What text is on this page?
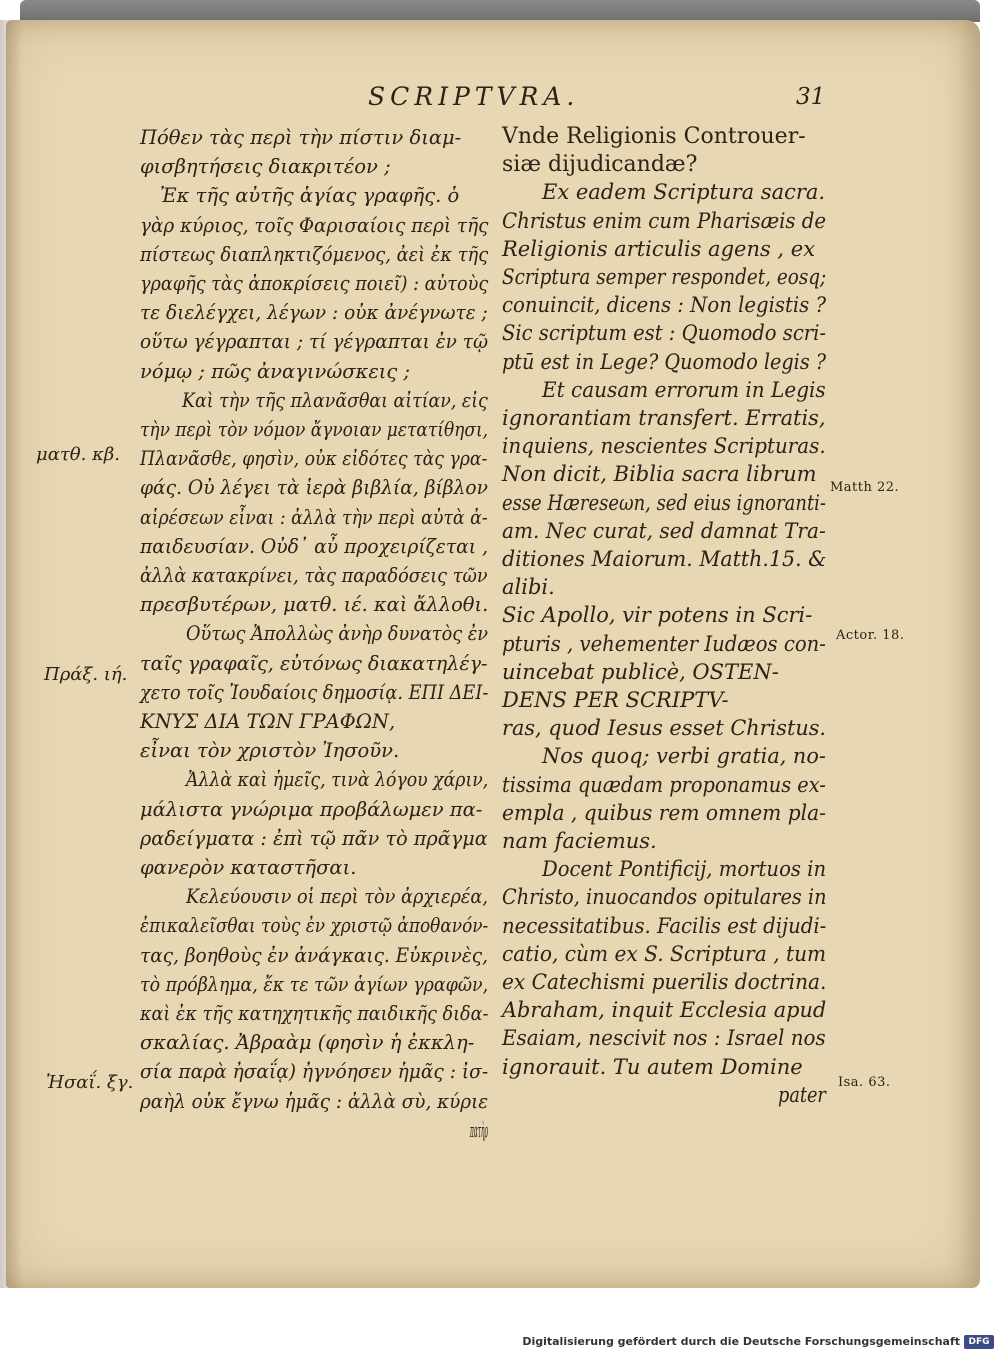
SCRIPTVRA.	31
Πόθεν τὰς περὶ τὴν πίστιν διαμ-
φισβητήσεις διακριτέον ;
Ἐκ τῆς αὐτῆς ἁγίας γραφῆς. ὁ
γὰρ κύριος, τοῖς Φαρισαίοις περὶ τῆς
πίστεως διαπληκτιζόμενος, ἀεὶ ἐκ τῆς
γραφῆς τὰς ἀποκρίσεις ποιεῖ) : αὐτοὺς
τε διελέγχει, λέγων : οὐκ ἀνέγνωτε ;
οὕτω γέγραπται ; τί γέγραπται ἐν τῷ
νόμῳ ; πῶς ἀναγινώσκεις ;
Καὶ τὴν τῆς πλανᾶσθαι αἰτίαν, εἰς
τὴν περὶ τὸν νόμον ἄγνοιαν μετατίθησι,
Πλανᾶσθε, φησὶν, οὐκ εἰδότες τὰς γρα-
φάς. Οὐ λέγει τὰ ἱερὰ βιβλία, βίβλον
αἱρέσεων εἶναι : ἀλλὰ τὴν περὶ αὐτὰ ἀ-
παιδευσίαν. Οὐδ᾽ αὖ προχειρίζεται ,
ἀλλὰ κατακρίνει, τὰς παραδόσεις τῶν
πρεσβυτέρων, ματθ. ιέ. καὶ ἄλλοθι.
Οὕτως Ἀπολλὼς ἀνὴρ δυνατὸς ἐν
ταῖς γραφαῖς, εὐτόνως διακατηλέγ-
χετο τοῖς Ἰουδαίοις δημοσίᾳ. ΕΠΙ ΔΕΙ-
ΚΝΥΣ ΔΙΑ ΤΩΝ ΓΡΑΦΩΝ,
εἶναι τὸν χριστὸν Ἰησοῦν.
Ἀλλὰ καὶ ἡμεῖς, τινὰ λόγου χάριν,
μάλιστα γνώριμα προβάλωμεν πα-
ραδείγματα : ἐπὶ τῷ πᾶν τὸ πρᾶγμα
φανερὸν καταστῆσαι.
Κελεύουσιν οἱ περὶ τὸν ἀρχιερέα,
ἐπικαλεῖσθαι τοὺς ἐν χριστῷ ἀποθανόν-
τας, βοηθοὺς ἐν ἀνάγκαις. Εὐκρινὲς,
τὸ πρόβλημα, ἔκ τε τῶν ἁγίων γραφῶν,
καὶ ἐκ τῆς κατηχητικῆς παιδικῆς διδα-
σκαλίας. Ἀβραὰμ (φησὶν ἡ ἐκκλη-
σία παρὰ ἠσαΐᾳ) ἠγνόησεν ἡμᾶς : ἰσ-
ραὴλ οὐκ ἔγνω ἡμᾶς : ἀλλὰ σὺ, κύριε
πατὴρ
Vnde Religionis Controuer-
siæ dijudicandæ?
Ex eadem Scriptura sacra.
Christus enim cum Pharisæis de
Religionis articulis agens , ex
Scriptura semper respondet, eosq;
conuincit, dicens : Non legistis ?
Sic scriptum est : Quomodo scri-
ptū est in Lege? Quomodo legis ?
Et causam errorum in Legis
ignorantiam transfert. Erratis,
inquiens, nescientes Scripturas.
Non dicit, Biblia sacra librum
esse Hæreseωn, sed eius ignoranti-
am. Nec curat, sed damnat Tra-
ditiones Maiorum. Matth.15. &
alibi.
Sic Apollo, vir potens in Scri-
pturis , vehementer Iudæos con-
uincebat publicè, OSTEN-
DENS PER SCRIPTV-
ras, quod Iesus esset Christus.
Nos quoq; verbi gratia, no-
tissima quædam proponamus ex-
empla , quibus rem omnem pla-
nam faciemus.
Docent Pontificij, mortuos in
Christo, inuocandos opitulares in
necessitatibus. Facilis est dijudi-
catio, cùm ex S. Scriptura , tum
ex Catechismi puerilis doctrina.
Abraham, inquit Ecclesia apud
Esaiam, nescivit nos : Israel nos
ignorauit. Tu autem Domine
pater
ματθ. κβ.
Πράξ. ιή.
Ἠσαΐ. ξγ.
Matth 22.
Actor. 18.
Isa. 63.
Digitalisierung gefördert durch die Deutsche Forschungsgemeinschaft DFG
